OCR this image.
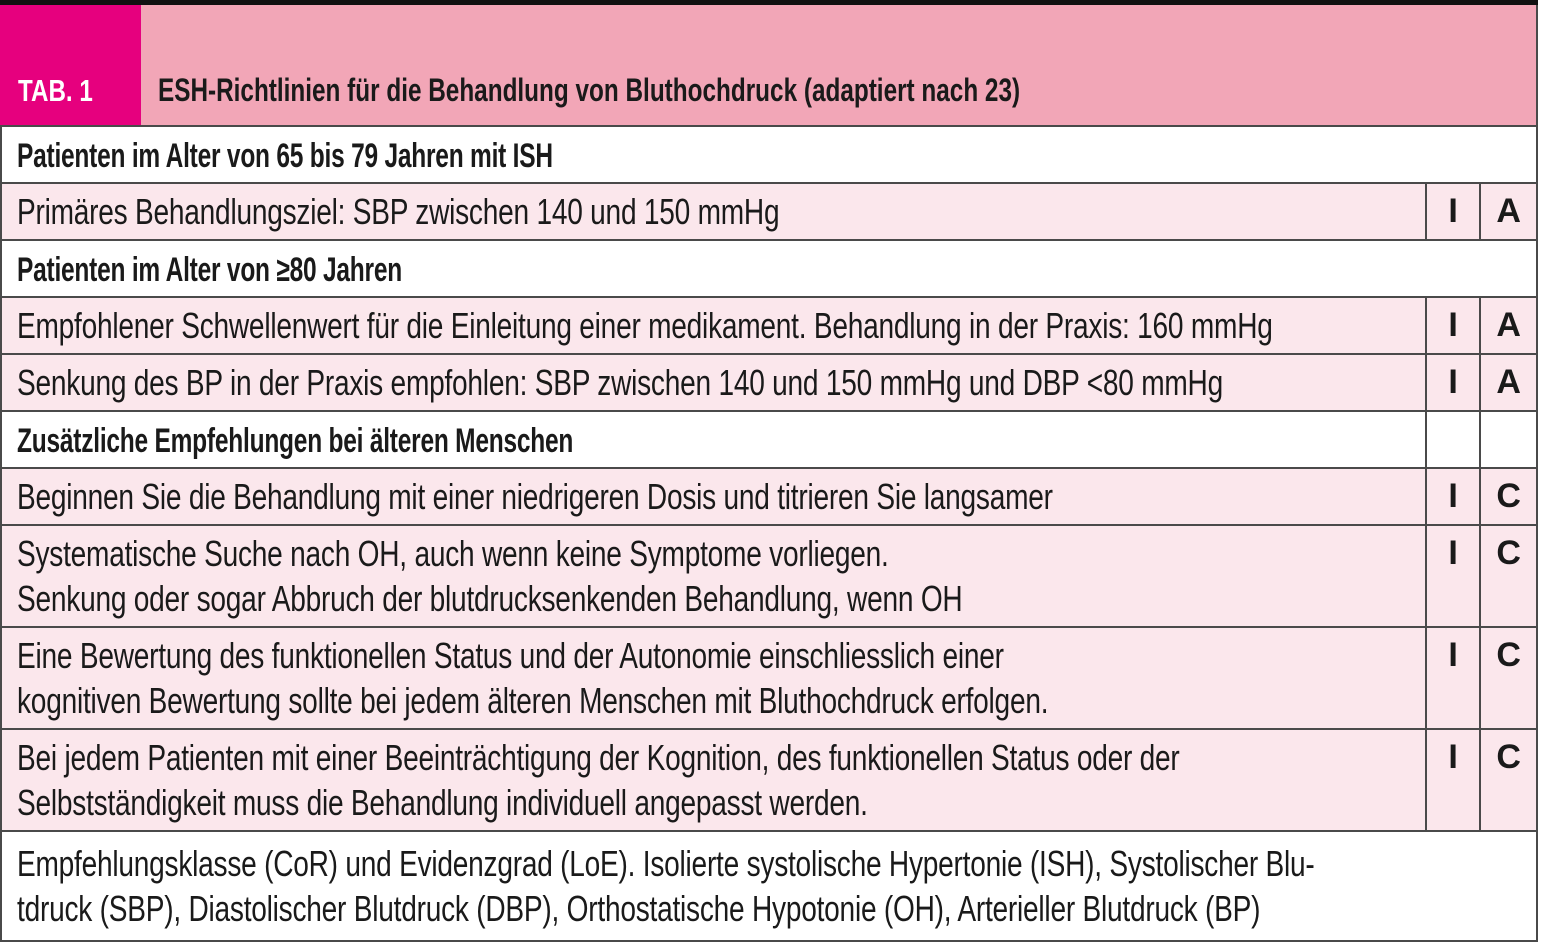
TAB. 1 ESH-Richtlinien für die Behandlung von Bluthochdruck (adaptiert nach 23)
Patienten im Alter von 65 bis 79 Jahren mit ISH		

Primäres Behandlungsziel: SBP zwischen 140 und 150 mmHg	I	A

Patienten im Alter von ≥80 Jahren		

Empfohlener Schwellenwert für die Einleitung einer medikament. Behandlung in der Praxis: 160 mmHg	I	A

Senkung des BP in der Praxis empfohlen: SBP zwischen 140 und 150 mmHg und DBP <80 mmHg	I	A

Zusätzliche Empfehlungen bei älteren Menschen		

Beginnen Sie die Behandlung mit einer niedrigeren Dosis und titrieren Sie langsamer	I	C

Systematische Suche nach OH, auch wenn keine Symptome vorliegen.
Senkung oder sogar Abbruch der blutdrucksenkenden Behandlung, wenn OH	I	C

Eine Bewertung des funktionellen Status und der Autonomie einschliesslich einer
kognitiven Bewertung sollte bei jedem älteren Menschen mit Bluthochdruck erfolgen.	I	C

Bei jedem Patienten mit einer Beeinträchtigung der Kognition, des funktionellen Status oder der
Selbstständigkeit muss die Behandlung individuell angepasst werden.	I	C

Empfehlungsklasse (CoR) und Evidenzgrad (LoE). Isolierte systolische Hypertonie (ISH), Systolischer Blu-
tdruck (SBP), Diastolischer Blutdruck (DBP), Orthostatische Hypotonie (OH), Arterieller Blutdruck (BP)		
